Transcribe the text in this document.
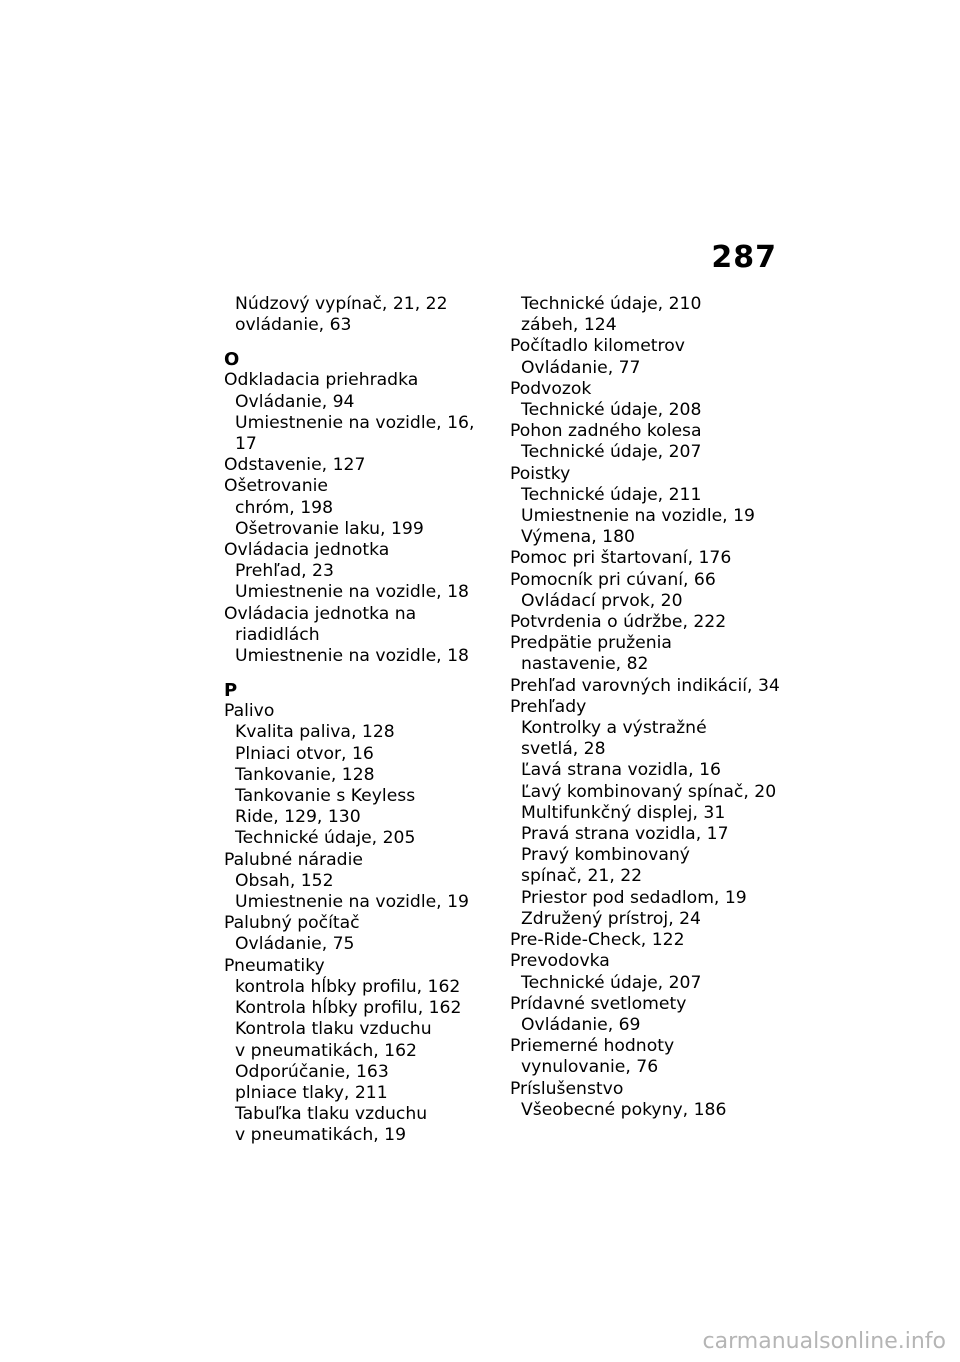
287
Núdzový vypínač, 21, 22
ovládanie, 63
O
Odkladacia priehradka
Ovládanie, 94
Umiestnenie na vozidle, 16,
17
Odstavenie, 127
Ošetrovanie
chróm, 198
Ošetrovanie laku, 199
Ovládacia jednotka
Prehľad, 23
Umiestnenie na vozidle, 18
Ovládacia jednotka na
riadidlách
Umiestnenie na vozidle, 18
P
Palivo
Kvalita paliva, 128
Plniaci otvor, 16
Tankovanie, 128
Tankovanie s Keyless
Ride, 129, 130
Technické údaje, 205
Palubné náradie
Obsah, 152
Umiestnenie na vozidle, 19
Palubný počítač
Ovládanie, 75
Pneumatiky
kontrola hĺbky profilu, 162
Kontrola hĺbky profilu, 162
Kontrola tlaku vzduchu
v pneumatikách, 162
Odporúčanie, 163
plniace tlaky, 211
Tabuľka tlaku vzduchu
v pneumatikách, 19
Technické údaje, 210
zábeh, 124
Počítadlo kilometrov
Ovládanie, 77
Podvozok
Technické údaje, 208
Pohon zadného kolesa
Technické údaje, 207
Poistky
Technické údaje, 211
Umiestnenie na vozidle, 19
Výmena, 180
Pomoc pri štartovaní, 176
Pomocník pri cúvaní, 66
Ovládací prvok, 20
Potvrdenia o údržbe, 222
Predpätie pruženia
nastavenie, 82
Prehľad varovných indikácií, 34
Prehľady
Kontrolky a výstražné
svetlá, 28
Ľavá strana vozidla, 16
Ľavý kombinovaný spínač, 20
Multifunkčný displej, 31
Pravá strana vozidla, 17
Pravý kombinovaný
spínač, 21, 22
Priestor pod sedadlom, 19
Združený prístroj, 24
Pre-Ride-Check, 122
Prevodovka
Technické údaje, 207
Prídavné svetlomety
Ovládanie, 69
Priemerné hodnoty
vynulovanie, 76
Príslušenstvo
Všeobecné pokyny, 186
carmanualsonline.info
